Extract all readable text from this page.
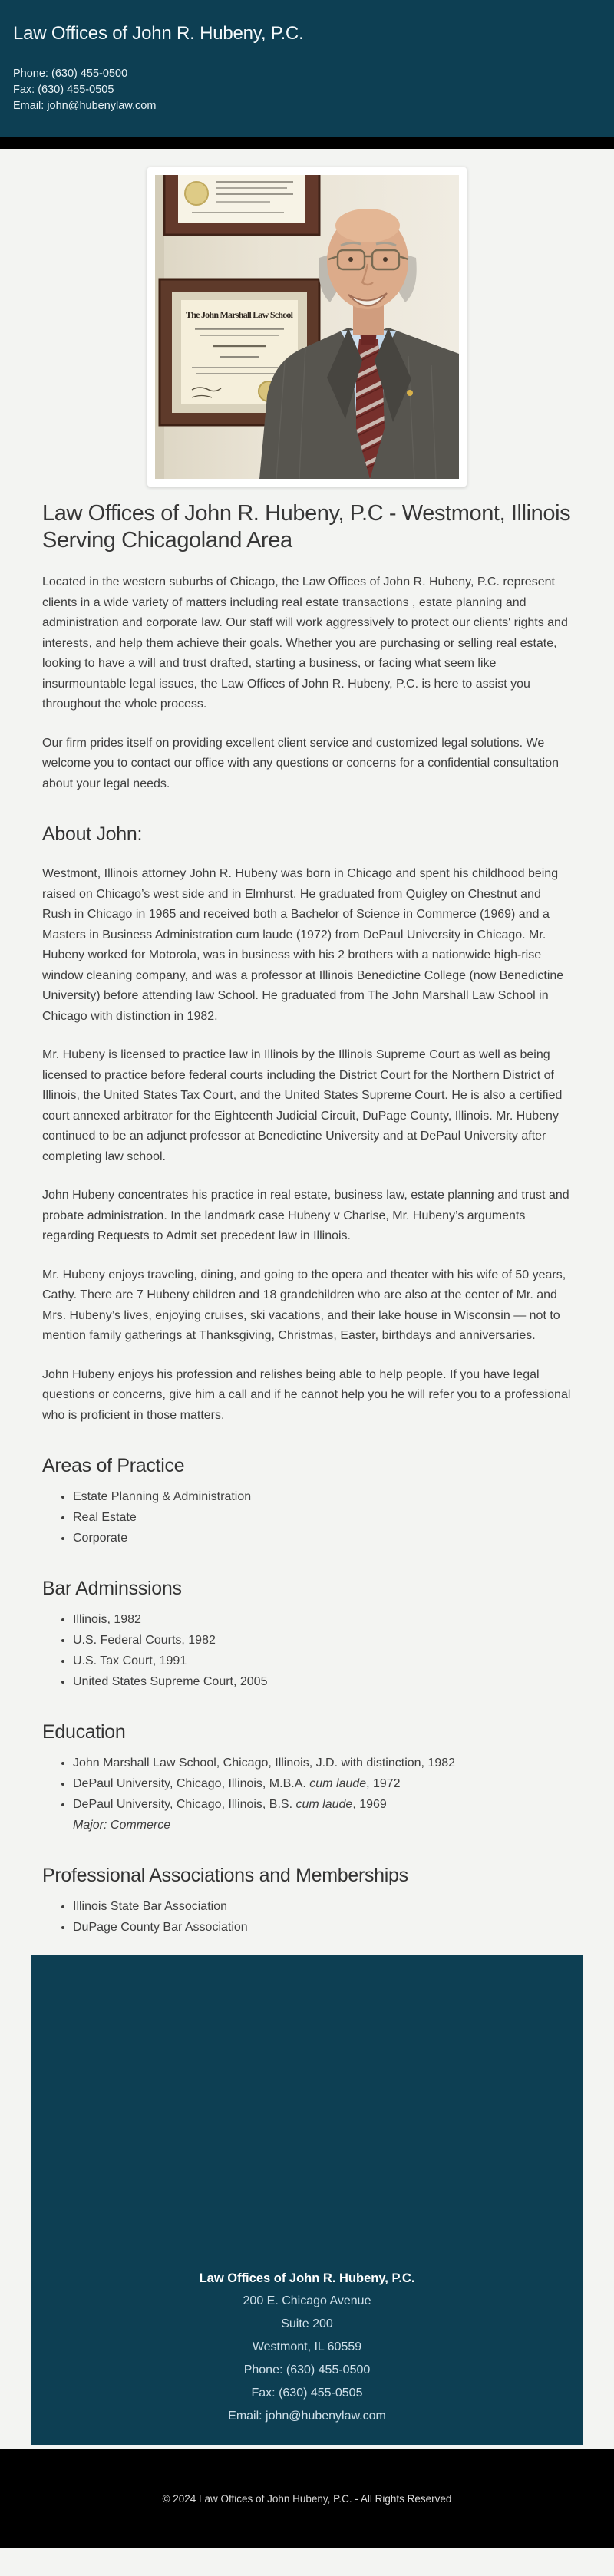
Law Offices of John R. Hubeny, P.C.
Phone: (630) 455-0500
Fax: (630) 455-0505
Email: john@hubenylaw.com
The John Marshall Law School
Law Offices of John R. Hubeny, P.C - Westmont, Illinois
Serving Chicagoland Area

Located in the western suburbs of Chicago, the Law Offices of John R. Hubeny, P.C. represent clients in a wide variety of matters including real estate transactions , estate planning and administration and corporate law. Our staff will work aggressively to protect our clients' rights and interests, and help them achieve their goals. Whether you are purchasing or selling real estate, looking to have a will and trust drafted, starting a business, or facing what seem like insurmountable legal issues, the Law Offices of John R. Hubeny, P.C. is here to assist you throughout the whole process.

Our firm prides itself on providing excellent client service and customized legal solutions. We welcome you to contact our office with any questions or concerns for a confidential consultation about your legal needs.

About John:

Westmont, Illinois attorney John R. Hubeny was born in Chicago and spent his childhood being raised on Chicago’s west side and in Elmhurst. He graduated from Quigley on Chestnut and Rush in Chicago in 1965 and received both a Bachelor of Science in Commerce (1969) and a Masters in Business Administration cum laude (1972) from DePaul University in Chicago. Mr. Hubeny worked for Motorola, was in business with his 2 brothers with a nationwide high-rise window cleaning company, and was a professor at Illinois Benedictine College (now Benedictine University) before attending law School. He graduated from The John Marshall Law School in Chicago with distinction in 1982.

Mr. Hubeny is licensed to practice law in Illinois by the Illinois Supreme Court as well as being licensed to practice before federal courts including the District Court for the Northern District of Illinois, the United States Tax Court, and the United States Supreme Court. He is also a certified court annexed arbitrator for the Eighteenth Judicial Circuit, DuPage County, Illinois. Mr. Hubeny continued to be an adjunct professor at Benedictine University and at DePaul University after completing law school.

John Hubeny concentrates his practice in real estate, business law, estate planning and trust and probate administration. In the landmark case Hubeny v Charise, Mr. Hubeny’s arguments regarding Requests to Admit set precedent law in Illinois.

Mr. Hubeny enjoys traveling, dining, and going to the opera and theater with his wife of 50 years, Cathy. There are 7 Hubeny children and 18 grandchildren who are also at the center of Mr. and Mrs. Hubeny’s lives, enjoying cruises, ski vacations, and their lake house in Wisconsin — not to mention family gatherings at Thanksgiving, Christmas, Easter, birthdays and anniversaries.

John Hubeny enjoys his profession and relishes being able to help people. If you have legal questions or concerns, give him a call and if he cannot help you he will refer you to a professional who is proficient in those matters.

Areas of Practice
• Estate Planning & Administration
• Real Estate
• Corporate
Bar Adminssions
• Illinois, 1982
• U.S. Federal Courts, 1982
• U.S. Tax Court, 1991
• United States Supreme Court, 2005
Education
• John Marshall Law School, Chicago, Illinois, J.D. with distinction, 1982
• DePaul University, Chicago, Illinois, M.B.A. cum laude, 1972
• DePaul University, Chicago, Illinois, B.S. cum laude, 1969
Major: Commerce
Professional Associations and Memberships
• Illinois State Bar Association
• DuPage County Bar Association
Law Offices of John R. Hubeny, P.C.
200 E. Chicago Avenue
Suite 200
Westmont, IL 60559
Phone: (630) 455-0500
Fax: (630) 455-0505
Email: john@hubenylaw.com
© 2024 Law Offices of John Hubeny, P.C. - All Rights Reserved
